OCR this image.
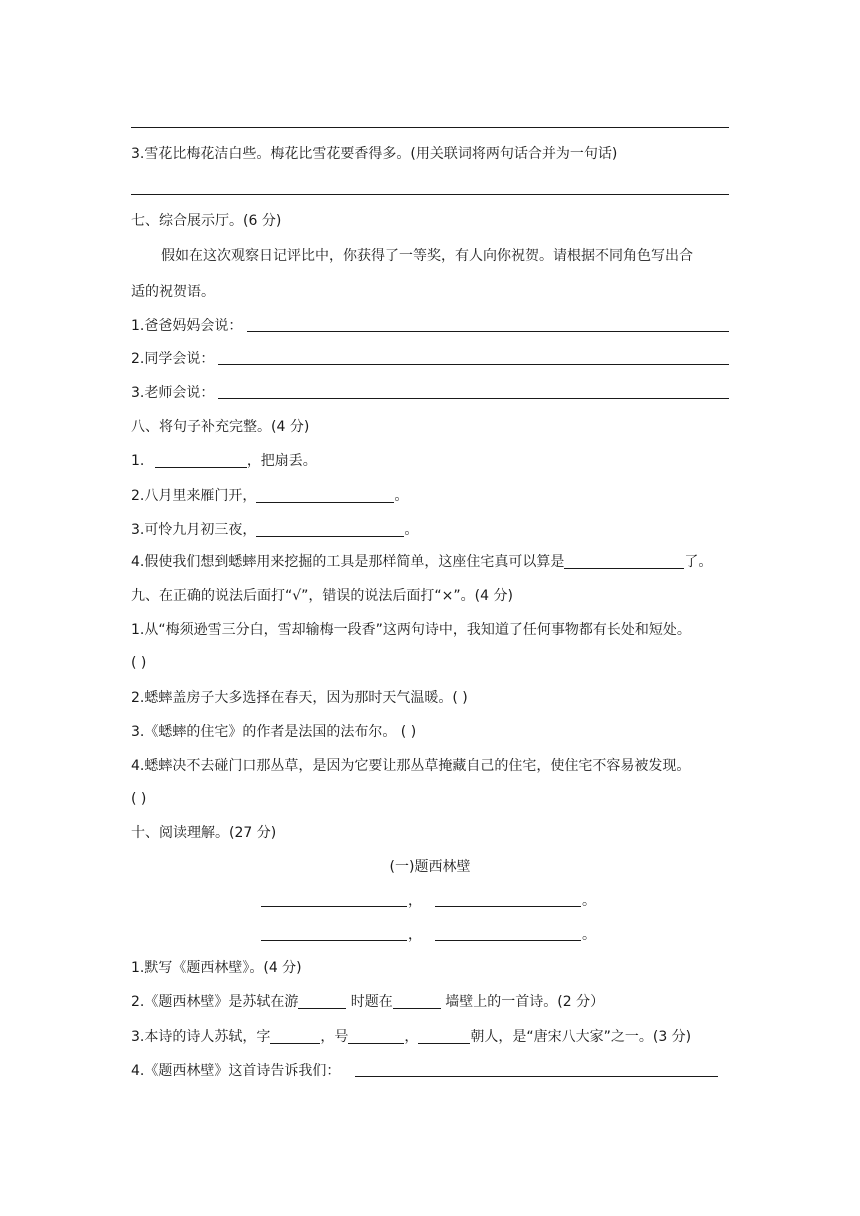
3.雪花比梅花洁白些。梅花比雪花要香得多。(用关联词将两句话合并为一句话)
七、综合展示厅。(6 分)
假如在这次观察日记评比中，你获得了一等奖，有人向你祝贺。请根据不同角色写出合
适的祝贺语。
1.爸爸妈妈会说：
2.同学会说：
3.老师会说：
八、将句子补充完整。(4 分)
1.	，把扇丢。
2.八月里来雁门开，	。
3.可怜九月初三夜，	。
4.假使我们想到蟋蟀用来挖掘的工具是那样简单，这座住宅真可以算是	了。
九、在正确的说法后面打“√”，错误的说法后面打“×”。(4 分)
1.从“梅须逊雪三分白，雪却输梅一段香”这两句诗中，我知道了任何事物都有长处和短处。
( )
2.蟋蟀盖房子大多选择在春天，因为那时天气温暖。( )
3.《蟋蟀的住宅》的作者是法国的法布尔。 ( )
4.蟋蟀决不去碰门口那丛草，是因为它要让那丛草掩藏自己的住宅，使住宅不容易被发现。
( )
十、阅读理解。(27 分)
(一)题西林壁
，	。
，	。
1.默写《题西林壁》。(4 分)
2.《题西林壁》是苏轼在游	时题在	墙壁上的一首诗。(2 分）
3.本诗的诗人苏轼，字	，号	，	朝人，是“唐宋八大家”之一。(3 分)
4.《题西林壁》这首诗告诉我们：
